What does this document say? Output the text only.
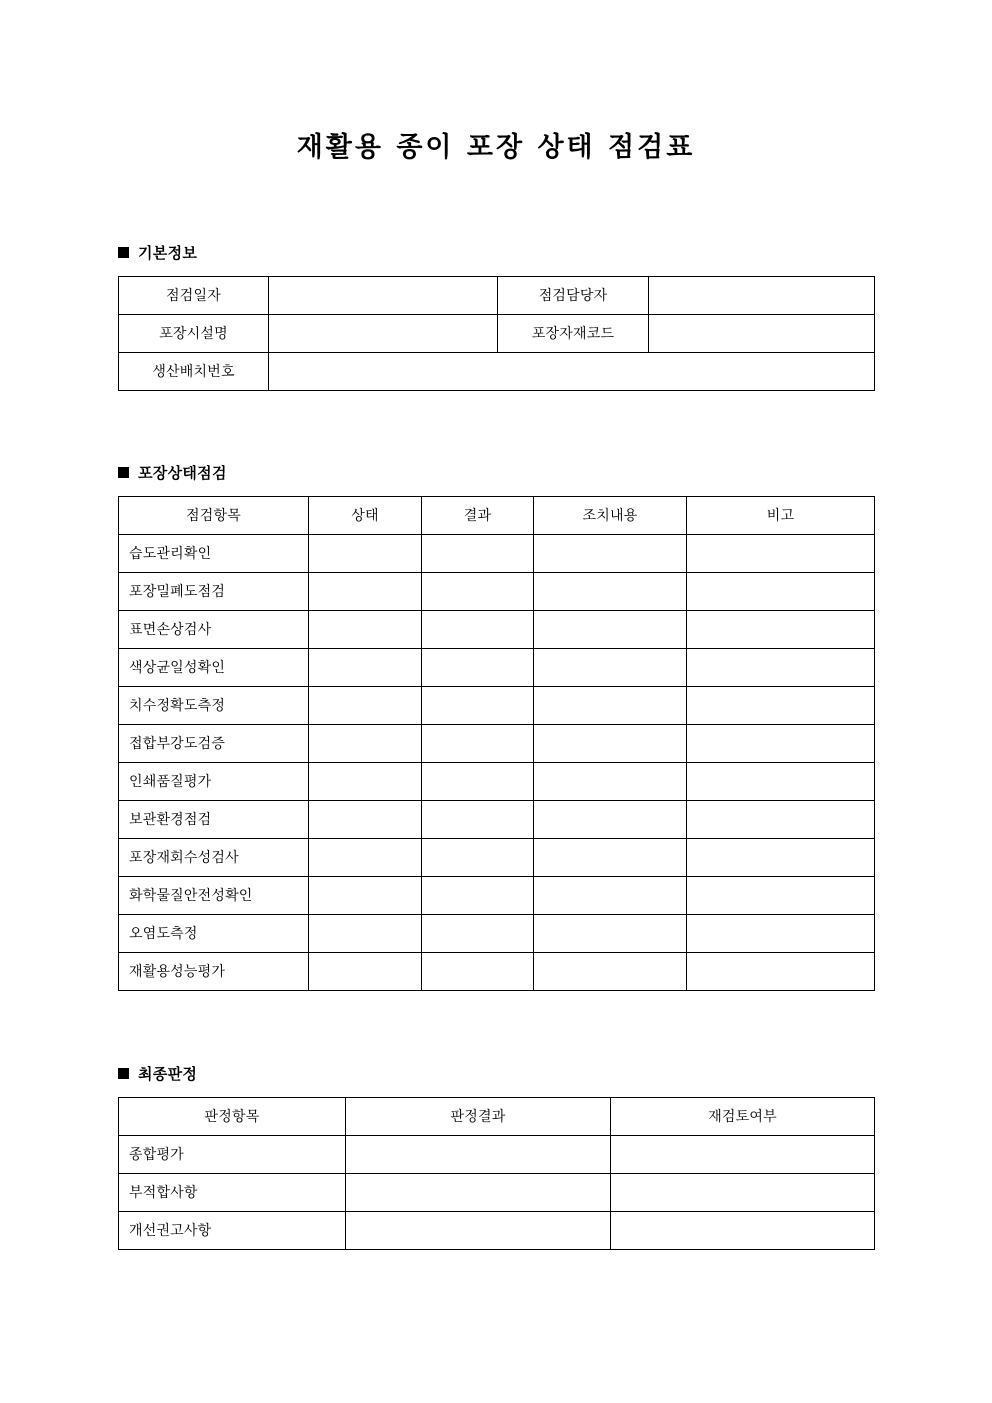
재활용 종이 포장 상태 점검표
기본정보
점검일자		점검담당자	
포장시설명		포장자재코드	
생산배치번호			
포장상태점검
점검항목	상태	결과	조치내용	비고
습도관리확인				
포장밀폐도점검				
표면손상검사				
색상균일성확인				
치수정확도측정				
접합부강도검증				
인쇄품질평가				
보관환경점검				
포장재회수성검사				
화학물질안전성확인				
오염도측정				
재활용성능평가				
최종판정
판정항목	판정결과	재검토여부
종합평가		
부적합사항		
개선권고사항		
